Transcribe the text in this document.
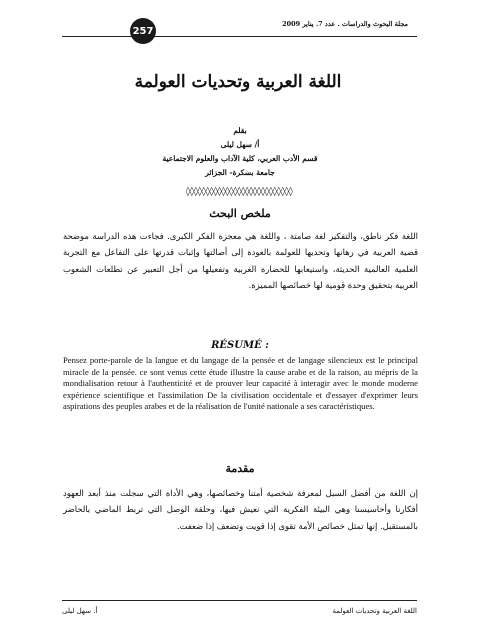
257
مجلة البحوث والدراسات . عدد 7. يناير 2009
اللغة العربية وتحديات العولمة
بقلم
أ/ سهل ليلى
قسم الأدب العربي، كلية الآداب والعلوم الاجتماعية
جامعة بسكرة- الجزائر
◊◊◊◊◊◊◊◊◊◊◊◊◊◊◊◊◊◊◊◊◊◊◊◊◊◊◊
ملخص البحث
اللغة فكر ناطق، والتفكير لغة صامتة ، واللغة هي معجزة الفكر الكبرى. فجاءت هذه الدراسة موضحة قضية العربية في رهانها وتحديها للعولمة بالعودة إلى أصالتها وإثبات قدرتها على التفاعل مع التجربة العلمية العالمية الحديثة، واستيعابها للحضارة الغربية وتفعيلها من أجل التعبير عن تطلعات الشعوب العربية بتحقيق وحدة قومية لها خصائصها المميزة.
RÉSUMÉ :
Pensez porte-parole de la langue et du langage de la pensée et de langage silencieux est le principal miracle de la pensée. ce sont venus cette étude illustre la cause arabe et de la raison, au mépris de la mondialisation retour à l'authenticité et de prouver leur capacité à interagir avec le monde moderne expérience scientifique et l'assimilation De la civilisation occidentale et d'essayer d'exprimer leurs aspirations des peuples arabes et de la réalisation de l'unité nationale a ses caractéristiques.
مقدمة
إن اللغة من أفضل السبل لمعرفة شخصية أمتنا وخصائصها، وهي الأداة التي سجلت منذ أبعد العهود أفكارنا وأحاسيسنا وهي البيئة الفكرية التي نعيش فيها، وحلقة الوصل التي تربط الماضي بالحاضر بالمستقبل. إنها تمثل خصائص الأمة تقوى إذا قويت وتضعف إذا ضعفت.
أ. سهل ليلى	اللغة العربية وتحديات العولمة
